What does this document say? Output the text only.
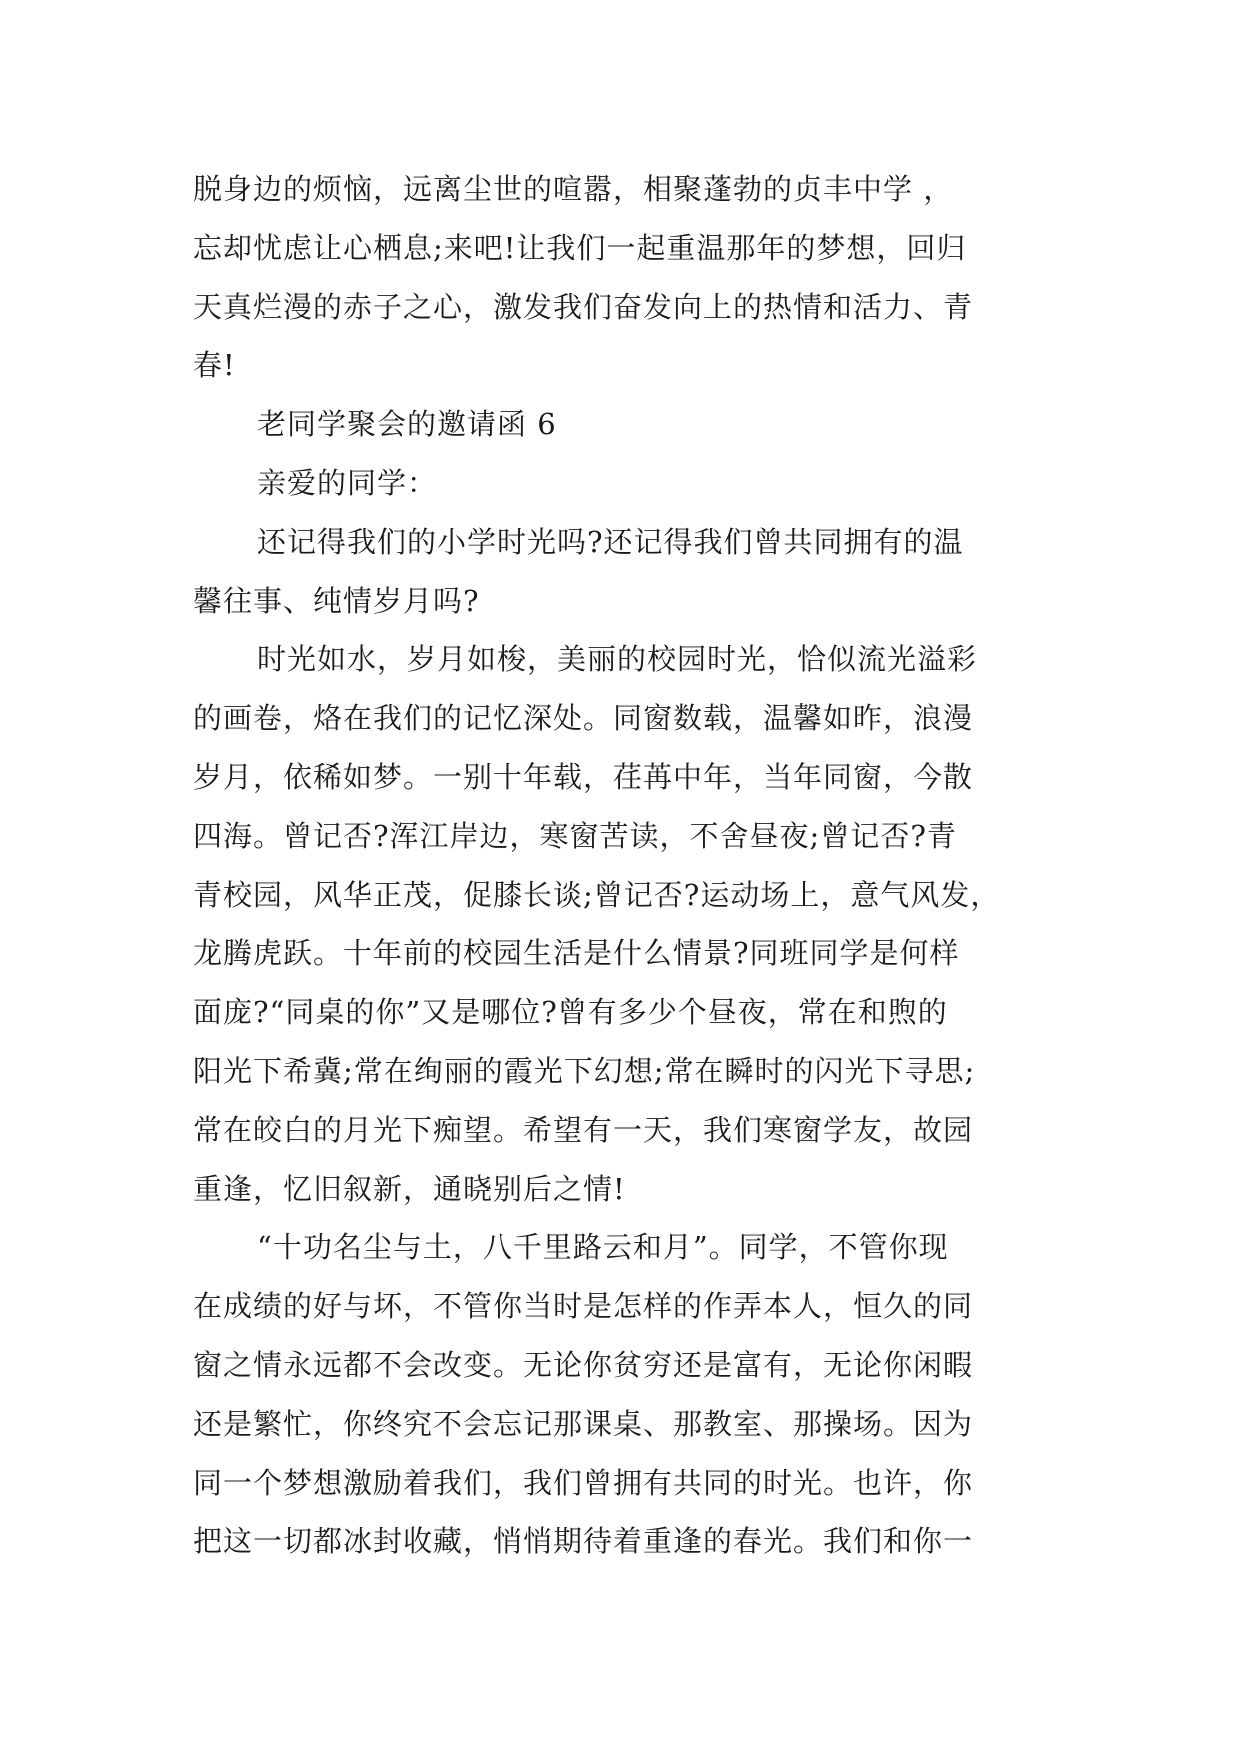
脱身边的烦恼，远离尘世的喧嚣，相聚蓬勃的贞丰中学 ，
忘却忧虑让心栖息;来吧!让我们一起重温那年的梦想，回归
天真烂漫的赤子之心，激发我们奋发向上的热情和活力、青
春!
老同学聚会的邀请函 6
亲爱的同学：
还记得我们的小学时光吗?还记得我们曾共同拥有的温
馨往事、纯情岁月吗?
时光如水，岁月如梭，美丽的校园时光，恰似流光溢彩
的画卷，烙在我们的记忆深处。同窗数载，温馨如昨，浪漫
岁月，依稀如梦。一别十年载，荏苒中年，当年同窗，今散
四海。曾记否?浑江岸边，寒窗苦读，不舍昼夜;曾记否?青
青校园，风华正茂，促膝长谈;曾记否?运动场上，意气风发，
龙腾虎跃。十年前的校园生活是什么情景?同班同学是何样
面庞?“同桌的你”又是哪位?曾有多少个昼夜，常在和煦的
阳光下希冀;常在绚丽的霞光下幻想;常在瞬时的闪光下寻思;
常在皎白的月光下痴望。希望有一天，我们寒窗学友，故园
重逢，忆旧叙新，通晓别后之情!
“十功名尘与土，八千里路云和月”。同学，不管你现
在成绩的好与坏，不管你当时是怎样的作弄本人，恒久的同
窗之情永远都不会改变。无论你贫穷还是富有，无论你闲暇
还是繁忙，你终究不会忘记那课桌、那教室、那操场。因为
同一个梦想激励着我们，我们曾拥有共同的时光。也许，你
把这一切都冰封收藏，悄悄期待着重逢的春光。我们和你一
